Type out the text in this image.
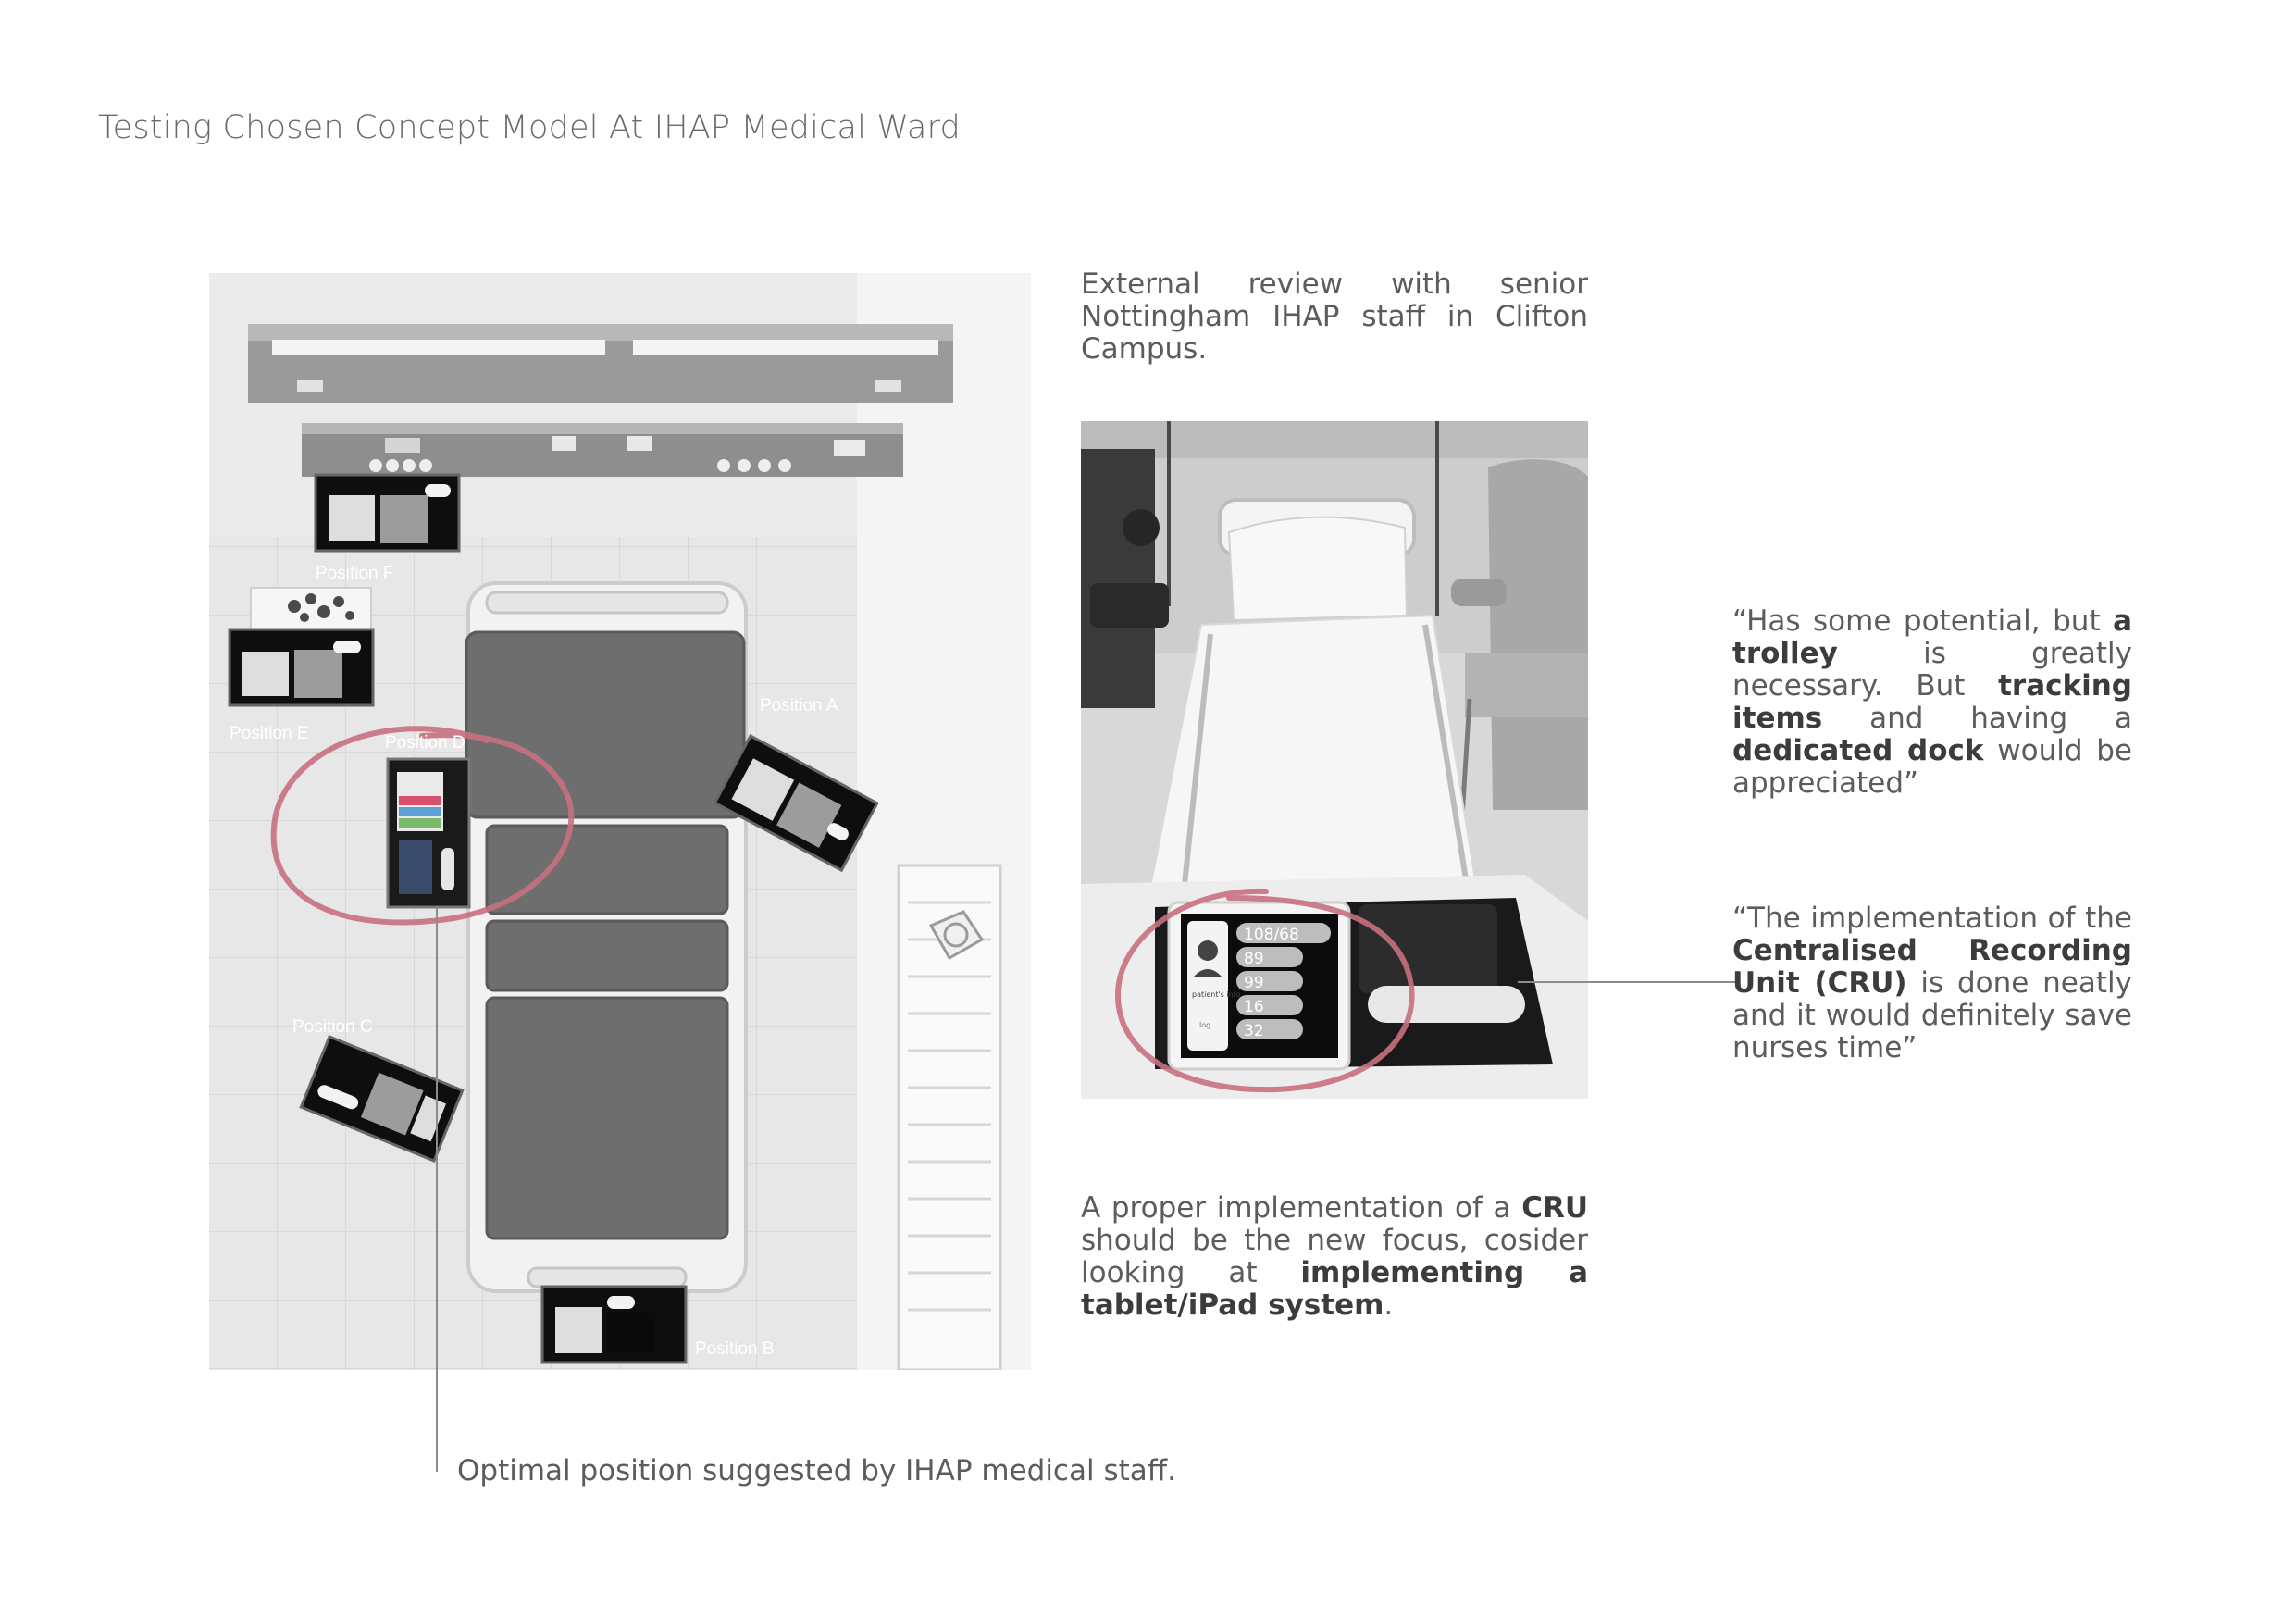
Testing Chosen Concept Model At IHAP Medical Ward
Position F
Position E	Position D
Position A
Position C
Position B
Optimal position suggested by IHAP medical staff.
External review with senior Nottingham IHAP staff in Clifton Campus.
patient's info
log
108/68
89
99
16
32
“Has some potential, but a trolley is greatly necessary. But tracking items and having a dedicated dock would be appreciated”
“The implementation of the Centralised Recording Unit (CRU) is done neatly and it would definitely save nurses time”
A proper implementation of a CRU should be the new focus, cosider looking at implementing a tablet/iPad system.
